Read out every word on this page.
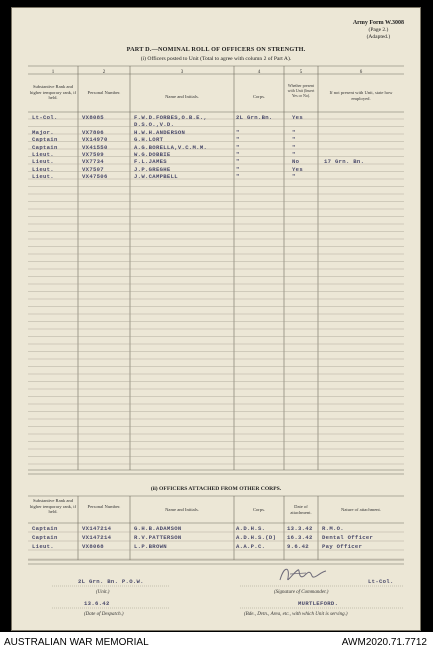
Army Form W.3008
(Page 2.)
(Adapted.)
PART D.—NOMINAL ROLL OF OFFICERS ON STRENGTH.
(i) Officers posted to Unit (Total to agree with column 2 of Part A).
1	2	3	4	5	6
Substantive Rank and higher temporary rank, if held.
Personal Number.
Name and Initials.	Corps.
Whether present with Unit (Insert Yes or No).
If not present with Unit, state how employed.
Lt-Col.	VX8085	F.W.D.FORBES,O.B.E.,	2L Grn.Bn.	Yes
D.S.O.,V.D.
Major.	VX7806	H.W.H.ANDERSON	"	"
Captain	VX14970	G.H.LORT	"	"
Captain	VX41550	A.G.BORELLA,V.C.M.M.	"	"
Lieut.	VX7509	W.G.DOBBIE	"	"
Lieut.	VX7734	F.L.JAMES	"	No	17 Grn. Bn.
Lieut.	VX7507	J.P.GREGHE	"	Yes
Lieut.	VX47506	J.W.CAMPBELL	"	"
(ii) OFFICERS ATTACHED FROM OTHER CORPS.
Substantive Rank and higher temporary rank, if held.
Personal Number.
Name and Initials.	Corps.
Date of attachment.	Nature of attachment.
Captain	VX147214	G.H.B.ADAMSON	A.D.H.S.	13.3.42 R.M.O.
Captain	VX147214	R.V.PATTERSON	A.D.H.S.(D) 16.3.42 Dental Officer
Lieut.	VX8068	L.P.BROWN	A.A.P.C.	9.6.42 Pay Officer
2L Grn. Bn. P.O.W.
(Unit.)
Lt-Col.
(Signature of Commander.)
13.6.42
(Date of Despatch.)
MURTLEFORD.
(Bde., Dvtn., Area, etc., with which Unit is serving.)
AUSTRALIAN WAR MEMORIAL	AWM2020.71.7712
